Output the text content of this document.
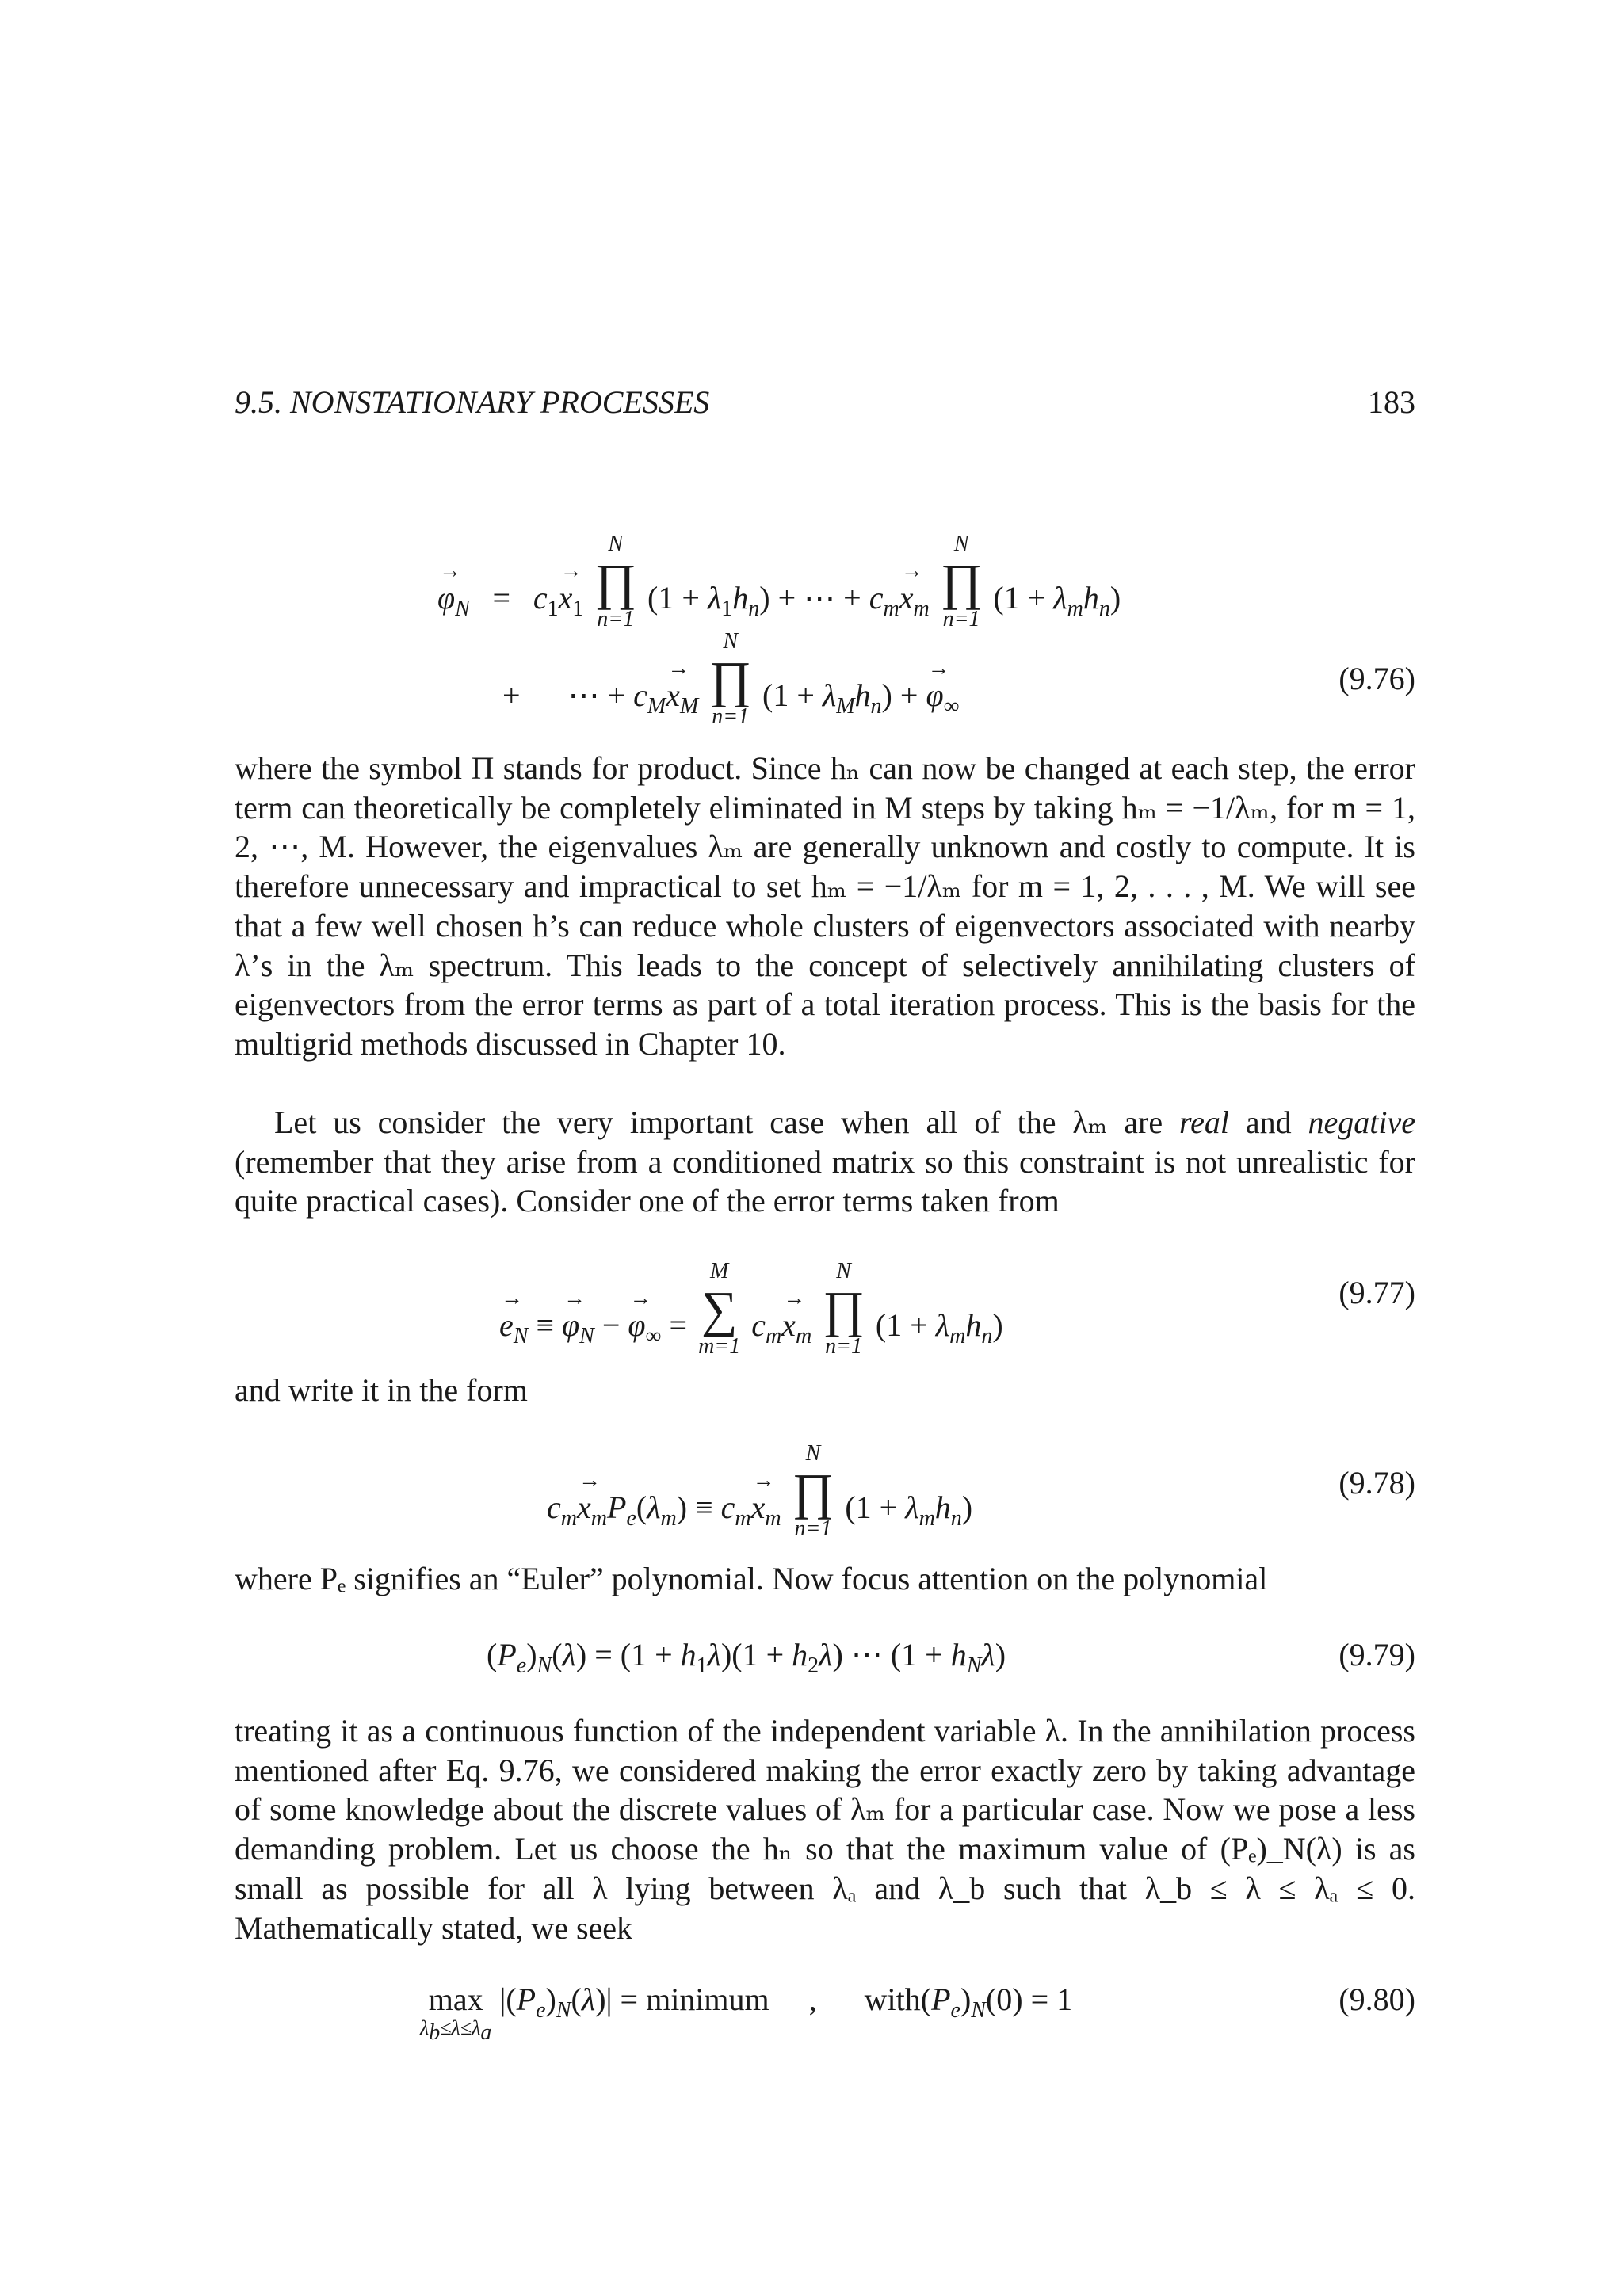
9.5. NONSTATIONARY PROCESSES	183
→ $\varphi_N = c_1\to x_1$
N
∏
n=1
$(1 + \lambda_1h_n)$ + ⋯ + $c_m\to x_m$
N
∏
n=1
$(1 + \lambda_mh_n)$
+ ⋯ + $c_M\to x_M$
N
∏
n=1
$(1 + \lambda_Mh_n)$ + → $\varphi_\infty$
(9.76)

where the symbol Π stands for product. Since hₙ can now be changed at each step, the error term can theoretically be completely eliminated in M steps by taking hₘ = −1/λₘ, for m = 1, 2, ⋯, M. However, the eigenvalues λₘ are generally unknown and costly to compute. It is therefore unnecessary and impractical to set hₘ = −1/λₘ for m = 1, 2, . . . , M. We will see that a few well chosen h’s can reduce whole clusters of eigenvectors associated with nearby λ’s in the λₘ spectrum. This leads to the concept of selectively annihilating clusters of eigenvectors from the error terms as part of a total iteration process. This is the basis for the multigrid methods discussed in Chapter 10.

Let us consider the very important case when all of the λₘ are real and negative (remember that they arise from a conditioned matrix so this constraint is not unrealistic for quite practical cases). Consider one of the error terms taken from

→ $e_N$ ≡ → $\varphi_N$ − → $\varphi_\infty$ =
M
∑
m=1
$c_m\to x_m$
N
∏
n=1
$(1 + \lambda_mh_n)$
(9.77)

and write it in the form

$c_m\to x_mP_e(\lambda_m) \equiv c_m\to x_m$
N
∏
n=1
$(1 + \lambda_mh_n)$
(9.78)

where Pₑ signifies an “Euler” polynomial. Now focus attention on the polynomial

$(P_e)_N(\lambda) = (1 + h_1\lambda)(1 + h_2\lambda)$ ⋯ $(1 + h_N\lambda)$	(9.79)

treating it as a continuous function of the independent variable λ. In the annihilation process mentioned after Eq. 9.76, we considered making the error exactly zero by taking advantage of some knowledge about the discrete values of λₘ for a particular case. Now we pose a less demanding problem. Let us choose the hₙ so that the maximum value of (Pₑ)_N(λ) is as small as possible for all λ lying between λₐ and λ_b such that λ_b ≤ λ ≤ λₐ ≤ 0. Mathematically stated, we seek

max
$\lambda_b\le\lambda\le\lambda_a$
$|(P_e)_N(\lambda)|$ = minimum ,  $with(P_e)_N(0) = 1$	(9.80)
